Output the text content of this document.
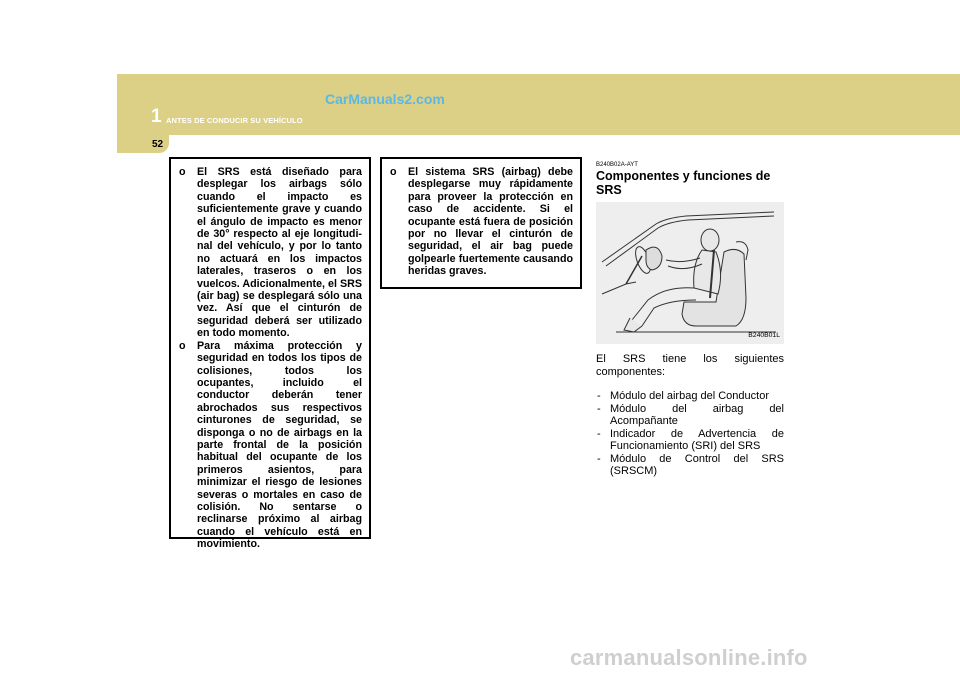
52
1 ANTES DE CONDUCIR SU VEHÍCULO
CarManuals2.com
o El SRS está diseñado para desplegar los airbags sólo cuando el impacto es suficientemente grave y cuando el ángulo de impacto es menor de 30° respecto al eje longitudi-nal del vehículo, y por lo tanto no actuará en los impactos laterales, traseros o en los vuelcos. Adicionalmente, el SRS (air bag) se desplegará sólo una vez. Así que el cinturón de seguridad deberá ser utilizado en todo momento.
o Para máxima protección y seguridad en todos los tipos de colisiones, todos los ocupantes, incluido el conductor deberán tener abrochados sus respectivos cinturones de seguridad, se disponga o no de airbags en la parte frontal de la posición habitual del ocupante de los primeros asientos, para minimizar el riesgo de lesiones severas o mortales en caso de colisión. No sentarse o reclinarse próximo al airbag cuando el vehículo está en movimiento.
o El sistema SRS (airbag) debe desplegarse muy rápidamente para proveer la protección en caso de accidente. Si el ocupante está fuera de posición por no llevar el cinturón de seguridad, el air bag puede golpearle fuertemente causando heridas graves.
B240B02A-AYT
Componentes y funciones de SRS
B240B01L
El SRS tiene los siguientes componentes:
- Módulo del airbag del Conductor
- Módulo del airbag del Acompañante
- Indicador de Advertencia de Funcionamiento (SRI) del SRS
- Módulo de Control del SRS (SRSCM)
carmanualsonline.info
